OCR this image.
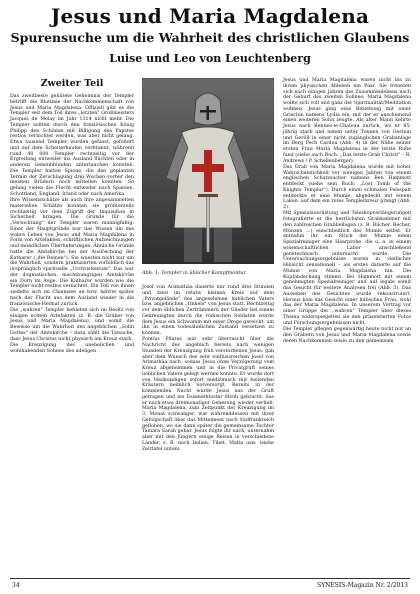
Jesus und Maria Magdalena
Spurensuche um die Wahrheit des christlichen Glaubens
Luise und Leo von Leuchtenberg
Zweiter Teil

Das zweitbeste gehütete Geheimnis der Templer betrifft die Blutlinie der Nachkommenschaft von Jesus und Maria Magdalena. Offiziell gibt es die Templer seit dem Tod ihres „letzten" Großmeisters Jacques de Molay im Jahr 1314 nicht mehr. Die Templer sollten durch den französischen König Philipp den Schönen mit Billigung des Papstes restlos vernichtet werden, was aber nicht gelang. Etwa tausend Templer wurden gefasst, gefoltert und auf dem Scheiterhaufen verbrannt, während rund 40 000 Templer rechtzeitig vor der Ergreifung entweder ins Ausland flüchten oder in anderen Geheimbünden untertauchen konnten. Die Templer hatten Spione, die den geplanten Termin der Zerschlagung drei Wochen vorher den meisten Brüdern noch mitteilen konnten. So gelang vielen die Flucht entweder nach Spanien, Schottland, England, Irland oder nach Amerika.

Ihre Wissensschätze als auch ihre angesammelten materiellen Schätze konnten sie größtenteils rechtzeitig vor dem Zugriff der Inquisition in Sicherheit bringen. Die Gründe für die „Vernichtung" der Templer waren mannigfaltig. Einer der Hauptgründe war das Wissen um das wahre Leben von Jesus und Maria Magdalena in Form von Artefakten, schriftlichen Aufzeichnungen und mündlichen Überlieferungen. Ähnliche Gründe hatte die Amtskirche bei der Auslöschung der Katharer („die Reinen"). Sie wussten nicht nur um die Wahrheit, sondern praktizierten vorbildlich das ursprünglich spirituelle „Urchristentum". Das war der dogmatischen, machtbungrigen Amtskirche ein Dorn im Auge. Die Katharer wurden wie die Templer nicht restlos vernichtet. Ein Teil von ihnen siedelte sich im Chiemsee an bzw. kehrte später nach der Flucht aus dem Ausland wieder in die französische Heimat zurück.

Die „wahren" Templer befinden sich im Besitz von einigen echten Artefakten (z. B. die Gräber von Jesus und Maria Magdalena), und somit die Beweise um die Wahrheit des angeblichen „Sohn Gottes" der Amtskirche – dazu zählt die Tatsache, dass Jesus Christus nicht physisch am Kreuz starb.

Die Kreuzigung des unehelichen und wohlhabenden Sohnes des adeligen

Abb. 1: Templer in üblicher Kampfmontur.

Josef von Arimathäa dauerte nur rund drei Stunden und fand im relativ kleinen Kreis auf dem „Privatgelände" des angesehenen leiblichen Vaters bzw. angeblichen „Onkels" von Jesus statt. Rechtzeitig vor dem üblichen Zerträmmern der Glieder bei einem Gekreuzigten durch die römischen Soldaten wurde dem Jesus ein Schwamm mit einer Droge gereicht, um ihn in einen todesähnlichen Zustand versetzen zu können.

Pontius Pilatus war sehr überrascht über die Nachricht des angeblich bereits nach wenigen Stunden der Kreuzigung früh verstorbenen Jesus, gab aber dem Wunsch des sehr einflussreichen Josef von Arimathäa nach, sodass Jesus ohne Verzögerung vom Kreuz abgenommen und in die Privatgruft seines leiblichen Vaters gelegt werden konnte. Er wurde dort von Heilkundigen sofort medizinisch mit heilenden Kräutern heimlich notversorgt. Bereits in der kommenden Nacht wurde Jesus aus der Gruft getragen und ins Essenerkloster Mirih gebracht, das er nach etwa dreimonatiger Genesung wieder verließ. Maria Magdalena, zum Zeitpunkt der Kreuzigung im 3. Monat schwanger, war währenddessen mit ihrer Gefolgschaft über das Mittelmeer nach Südfrankreich geflohen, wo sie dann später die gemeinsame Tochter Tamara Sarah gebar. Jesus folgte ihr nach, unternahm aber mit den Jüngern einige Reisen in verschiedene Länder, z. B. nach Indien, Tibet, Malta usw. (siehe Zeittafel unten).

Jesus und Maria Magdalena waren nicht bis zu ihrem physischen Ableben ein Paar. Sie trennten sich nach einigen Jahren des Zusammenlebens nach der Geburt des zweiten Sohnes; Maria Magdalena wollte sich voll und ganz der Spiritualität/Meditation widmen. Jesus ging eine Beziehung mit einer Griechin namens Lydia ein, mit der er anscheinend einen weiteren Sohn zeugte. Als alter Mann kehrte Jesus nach Rennes-le-Chateau zurück, wo er 85-jährig starb und neben unter Tonnen von Gestein und Geröll in einer nicht zugänglichen Grabanlage im Berg Pech Cardou (Abb. 4) in der Nähe seiner ersten Frau Maria Magdalena in der letzte Ruhe fand (siehe auch Buch: „Das letzte Grab Christi" – R. Andrews / P. Schellenberger).

Das Grab von Maria Magdalena wurde mit hoher Wahrscheinlichkeit vor wenigen Jahren von einem englischen Schatzsucher namens Ben Hammott entdeckt (siehe sein Buch: „Lost Tomb of the Knights Templar"). Durch einen schmalen Felsspalt entdeckte er eine Mumie, abgedeckt mit einem Laken, auf dem ein rotes Templerkreuz prangt (Abb. 2).

Mit Spezialausrüstung und Teleskopverlängerungen fotografierte er die herrlichsten Grabkammer mit den zahlreichen Grabbeilagen (z. B. Bücher, Becher, Münzen ...) einschließlich der Mumie selbst. Er entnahm ihr ein Stück der Mumie einen Spezialreiniger eine Haarprobe, die u. a. in einem wissenschaftlichen Labor anschließend genetechnisch untersucht wurde. Die Untersuchungsergebnisse waren in vielfacher Hinsicht sensationell – als erstes datierte auf die Mumie von Maria Magdalena hin. Die Kopfabdeckung stimmt. Bei Hammott mit einem genehmigten Spezialreiniger und auf legale somit das Gesicht für weitere Analysen frei (Abb. 3). Das Aussehen des Gesichtes wurde rekonstruiert. Heraus kam das Gesicht einer hübschen Frau, wohl das der Maria Magdalena. In unserem Vortrag vor einer Gruppe der „wahren" Templer über dieses Thema widerspiegelten sie den präsentierten Fotos und Forschungsergebnissen nicht.

Die Templer pflegen gegenwärtig heute nicht nur an den Gräbern von Jesus und Maria Magdalena sowie deren Nachkommen sowie zu den gemeinsam

34	SYNESIS-Magazin Nr. 2/2013
